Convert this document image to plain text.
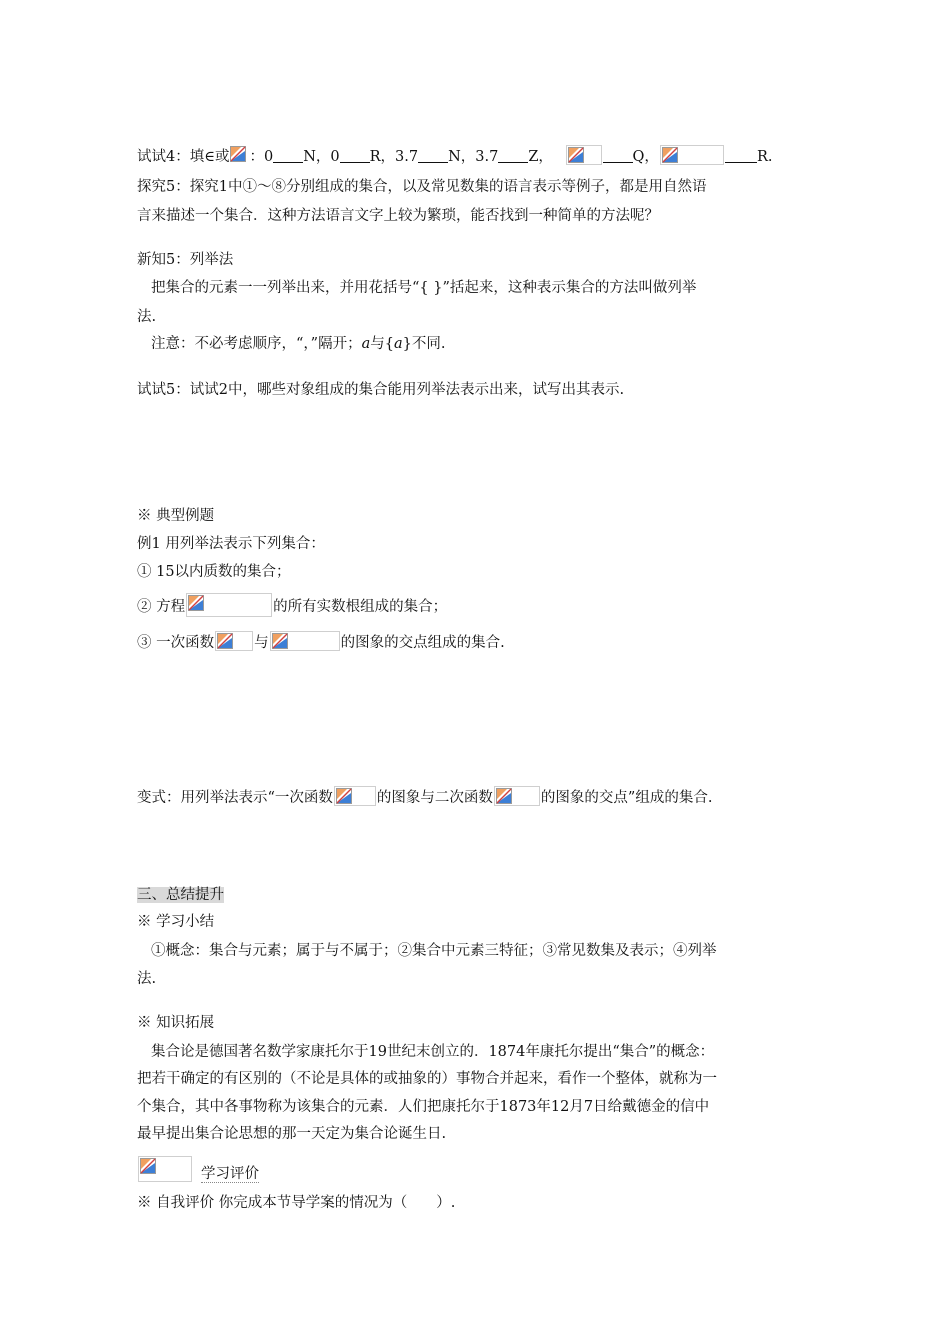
试试4：填∈或 ：0 N，0 R，3.7 N，3.7 Z，	Q，	R.
探究5：探究1中①～⑧分别组成的集合，以及常见数集的语言表示等例子，都是用自然语
言来描述一个集合．这种方法语言文字上较为繁琐，能否找到一种简单的方法呢？
新知5：列举法
把集合的元素一一列举出来，并用花括号“{ }”括起来，这种表示集合的方法叫做列举
法.
注意：不必考虑顺序，“，”隔开；a与{a}不同.
试试5：试试2中，哪些对象组成的集合能用列举法表示出来，试写出其表示.
※ 典型例题
例1 用列举法表示下列集合：
① 15以内质数的集合；
② 方程	的所有实数根组成的集合；
③ 一次函数	与	的图象的交点组成的集合.
变式：用列举法表示“一次函数	的图象与二次函数	的图象的交点”组成的集合.
三、总结提升
※ 学习小结
①概念：集合与元素；属于与不属于；②集合中元素三特征；③常见数集及表示；④列举
法.
※ 知识拓展
集合论是德国著名数学家康托尔于19世纪末创立的．1874年康托尔提出“集合”的概念：
把若干确定的有区别的（不论是具体的或抽象的）事物合并起来，看作一个整体，就称为一
个集合，其中各事物称为该集合的元素．人们把康托尔于1873年12月7日给戴德金的信中
最早提出集合论思想的那一天定为集合论诞生日.
学习评价
※ 自我评价 你完成本节导学案的情况为（　　）.
